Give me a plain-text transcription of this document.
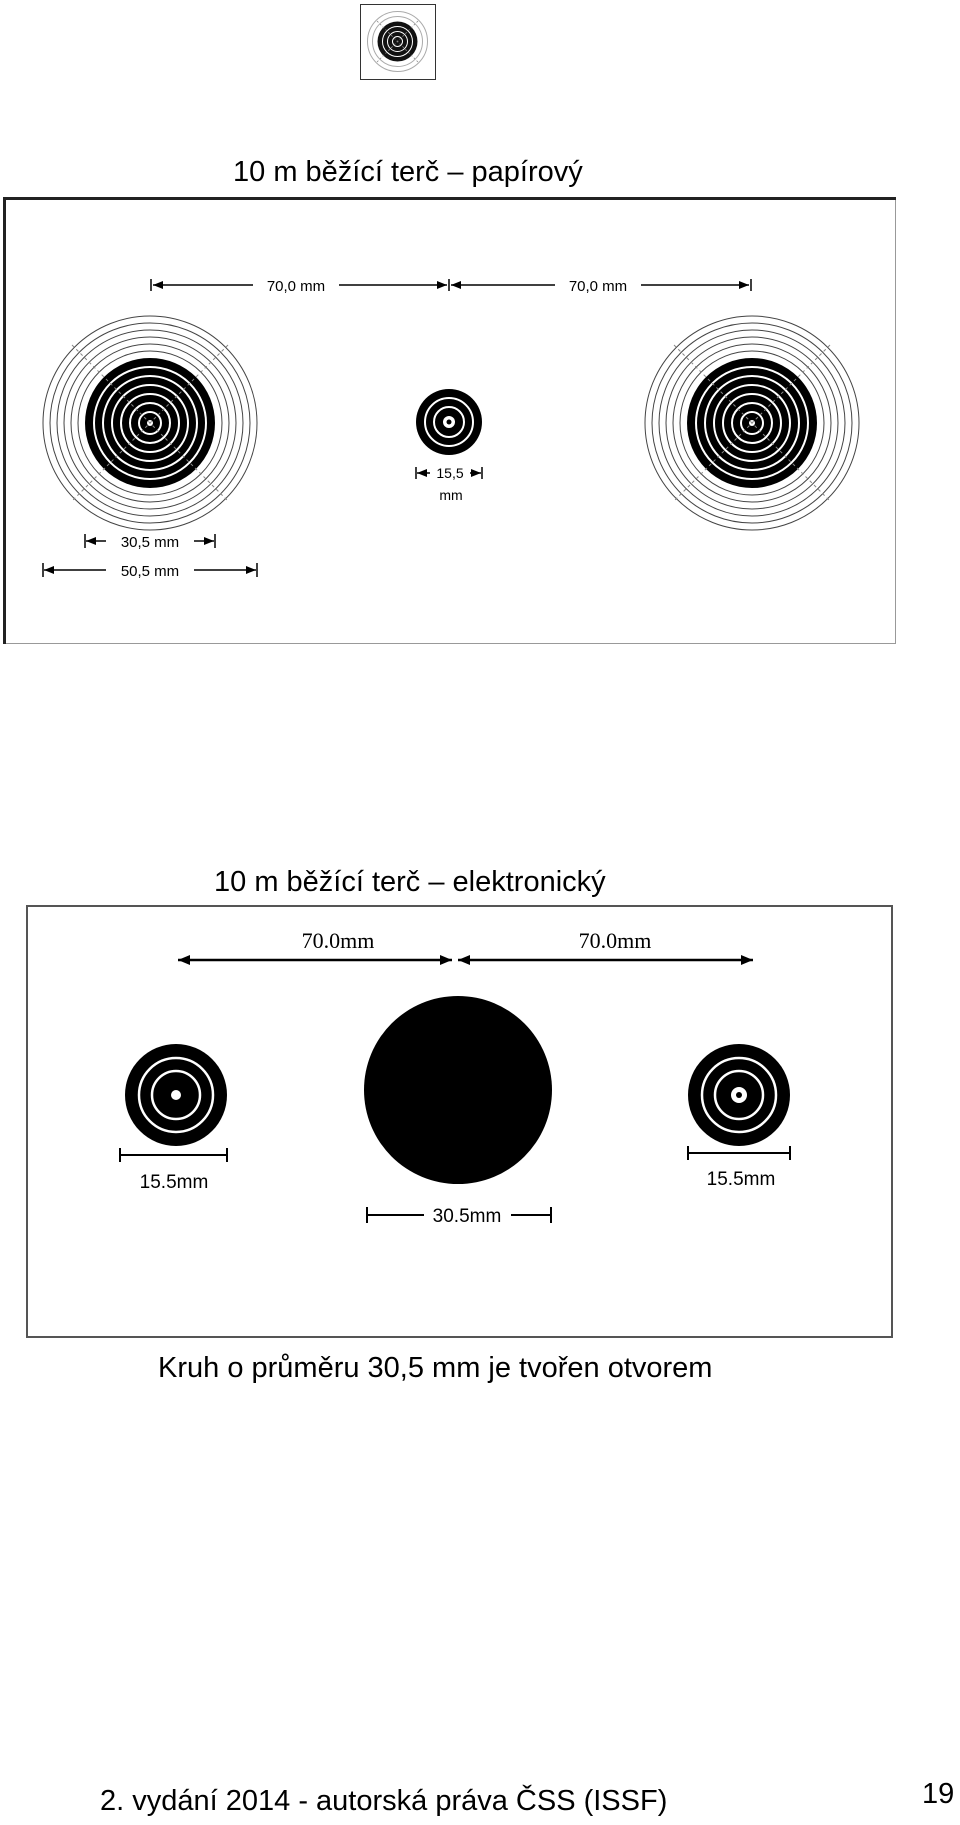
10 m běžící terč – papírový
70,0 mm	70,0 mm
15,5
mm
30,5 mm
50,5 mm
10 m běžící terč – elektronický
70.0mm	70.0mm
15.5mm
30.5mm
15.5mm
Kruh o průměru 30,5 mm je tvořen otvorem
2. vydání 2014 - autorská práva ČSS (ISSF)	19
